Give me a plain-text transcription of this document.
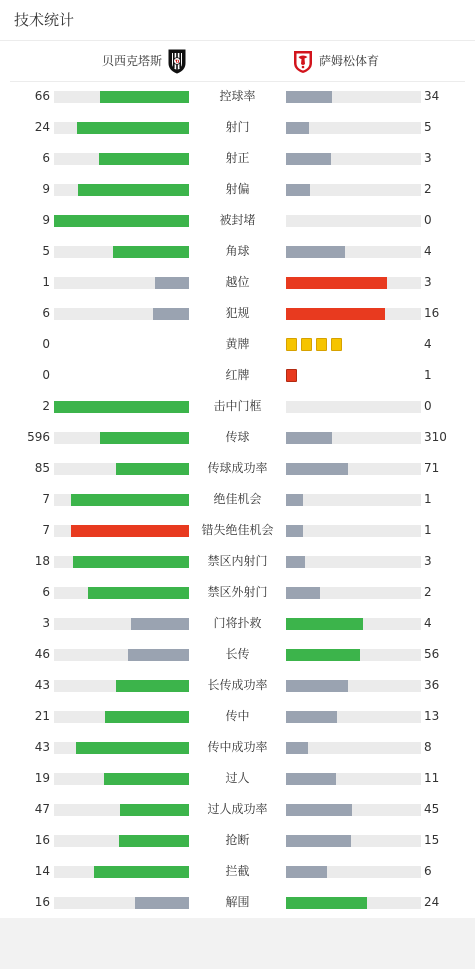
技术统计
贝西克塔斯	萨姆松体育
66	控球率	34
24	射门	5
6	射正	3
9	射偏	2
9	被封堵	0
5	角球	4
1	越位	3
6	犯规	16
0	黄牌	4
0	红牌	1
2	击中门框	0
596	传球	310
85	传球成功率	71
7	绝佳机会	1
7	错失绝佳机会	1
18	禁区内射门	3
6	禁区外射门	2
3	门将扑救	4
46	长传	56
43	长传成功率	36
21	传中	13
43	传中成功率	8
19	过人	11
47	过人成功率	45
16	抢断	15
14	拦截	6
16	解围	24
